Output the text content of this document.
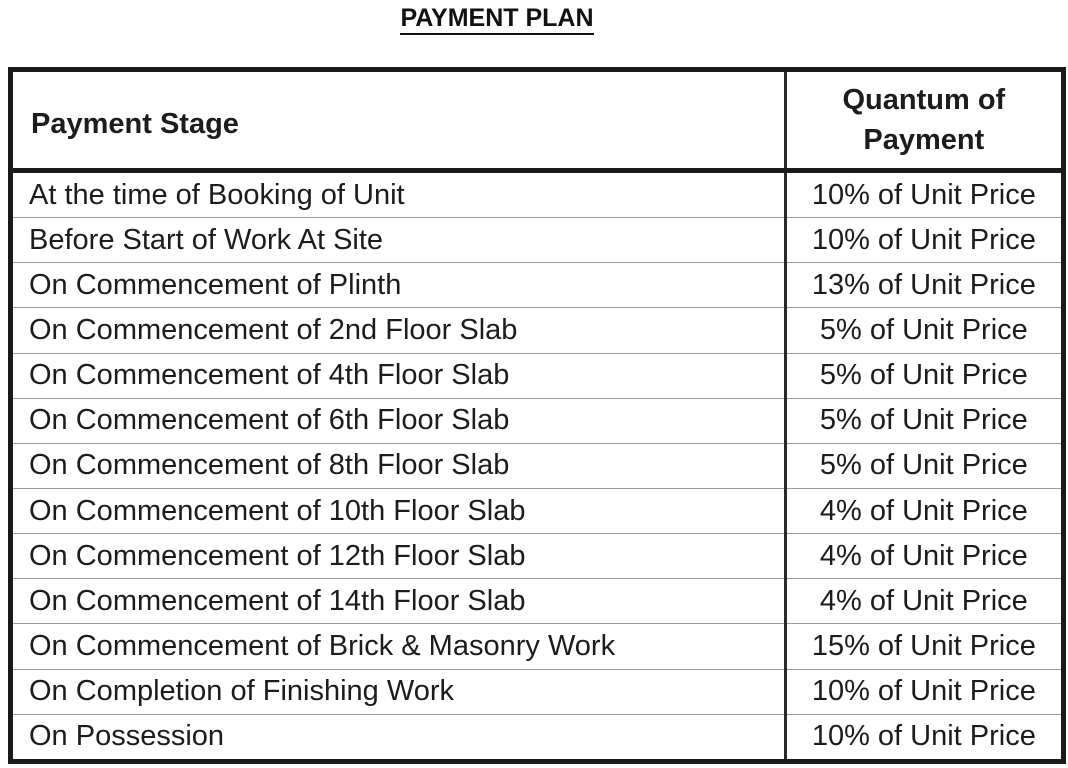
PAYMENT PLAN
Payment Stage	Quantum of
Payment
At the time of Booking of Unit	10% of Unit Price
Before Start of Work At Site	10% of Unit Price
On Commencement of Plinth	13% of Unit Price
On Commencement of 2nd Floor Slab	5% of Unit Price
On Commencement of 4th Floor Slab	5% of Unit Price
On Commencement of 6th Floor Slab	5% of Unit Price
On Commencement of 8th Floor Slab	5% of Unit Price
On Commencement of 10th Floor Slab	4% of Unit Price
On Commencement of 12th Floor Slab	4% of Unit Price
On Commencement of 14th Floor Slab	4% of Unit Price
On Commencement of Brick & Masonry Work	15% of Unit Price
On Completion of Finishing Work	10% of Unit Price
On Possession	10% of Unit Price
